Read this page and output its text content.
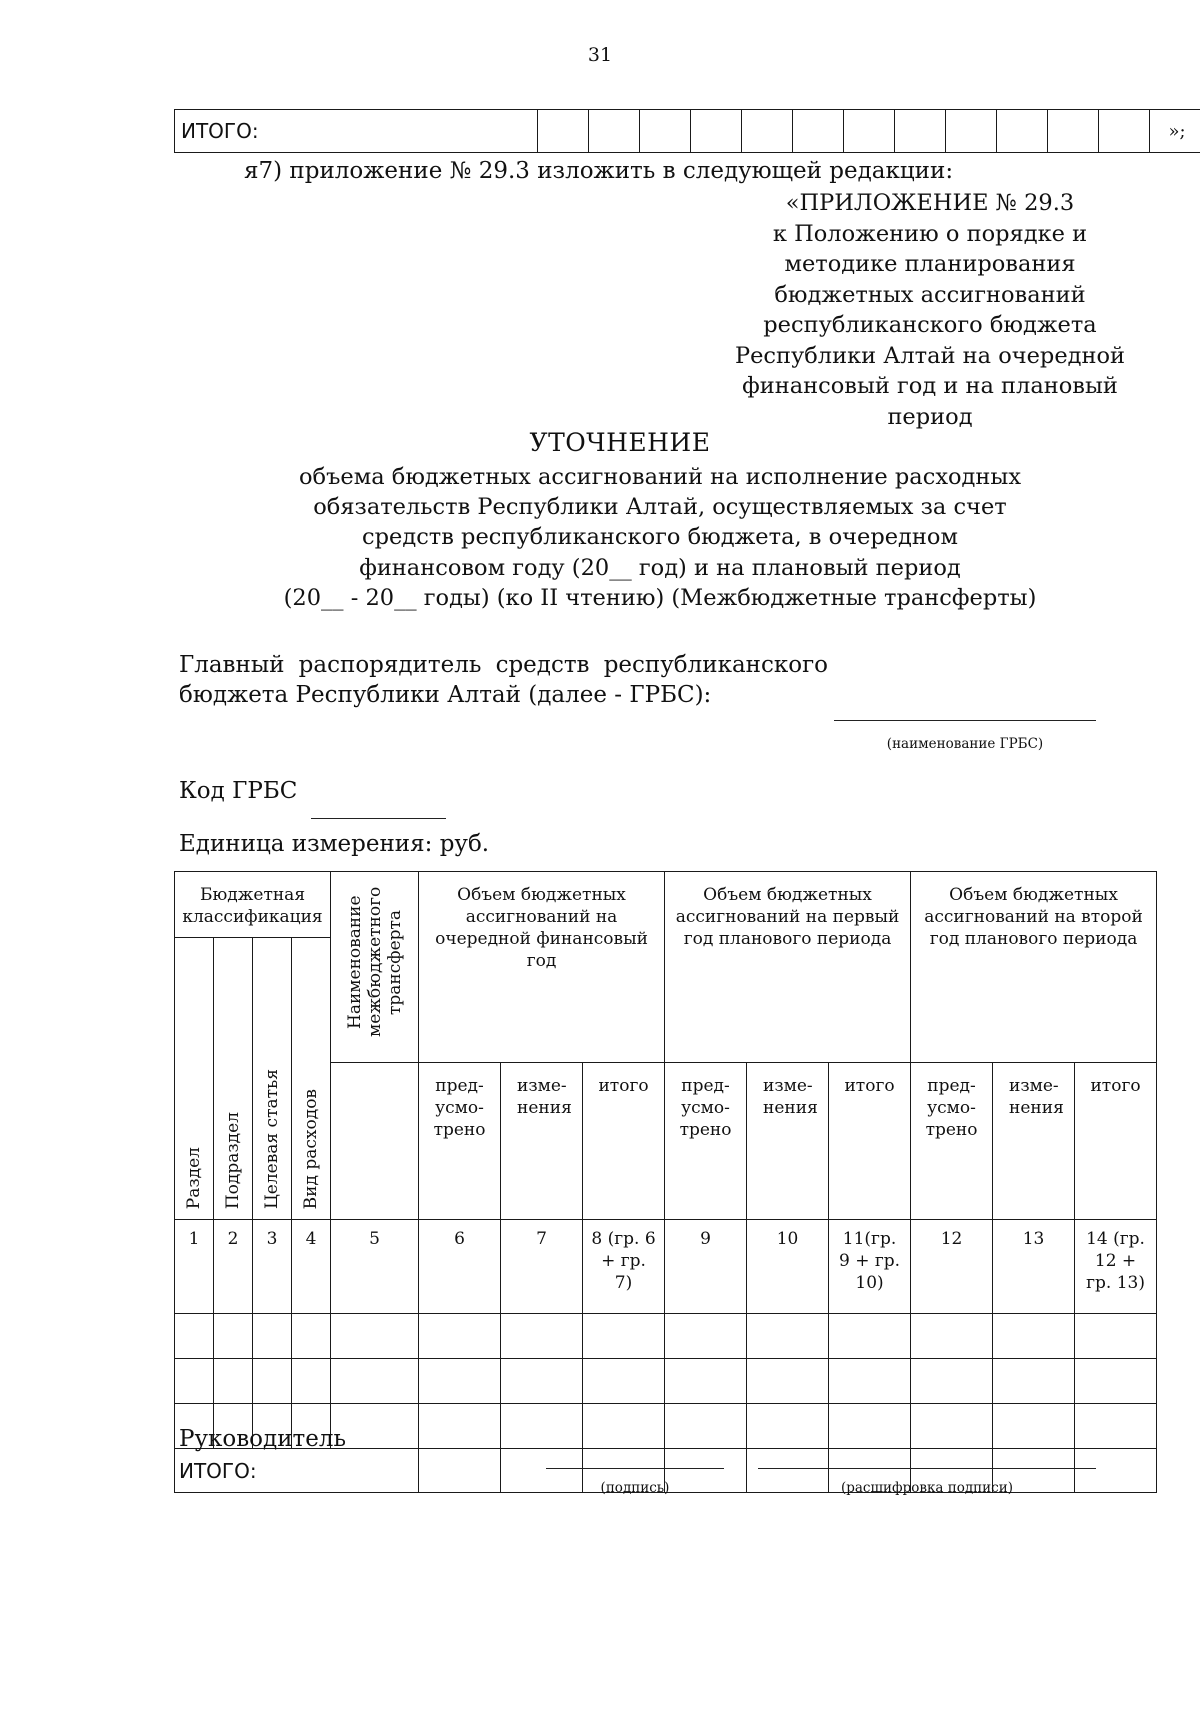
31
ИТОГО:													»;
я7) приложение № 29.3 изложить в следующей редакции:
«ПРИЛОЖЕНИЕ № 29.3
к Положению о порядке и
методике планирования
бюджетных ассигнований
республиканского бюджета
Республики Алтай на очередной
финансовый год и на плановый
период
УТОЧНЕНИЕ
объема бюджетных ассигнований на исполнение расходных
обязательств Республики Алтай, осуществляемых за счет
средств республиканского бюджета, в очередном
финансовом году (20__ год) и на плановый период
(20__ - 20__ годы) (ко II чтению) (Межбюджетные трансферты)
Главный распорядитель средств республиканского
бюджета Республики Алтай (далее - ГРБС):
(наименование ГРБС)
Код ГРБС
Единица измерения: руб.
Бюджетная классификация				Наименование межбюджетного трансферта	Объем бюджетных ассигнований на очередной финансовый год			Объем бюджетных ассигнований на первый год планового периода			Объем бюджетных ассигнований на второй год планового периода		

Раздел	Подраздел	Целевая статья	Вид расходов										

					пред-усмо-трено	изме-нения	итого	пред-усмо-трено	изме-нения	итого	пред-усмо-трено	изме-нения	итого
1	2	3	4	5	6	7	8 (гр. 6 + гр. 7)	9	10	11(гр. 9 + гр. 10)	12	13	14 (гр. 12 + гр. 13)

ИТОГО:													
Руководитель
(подпись)	(расшифровка подписи)
